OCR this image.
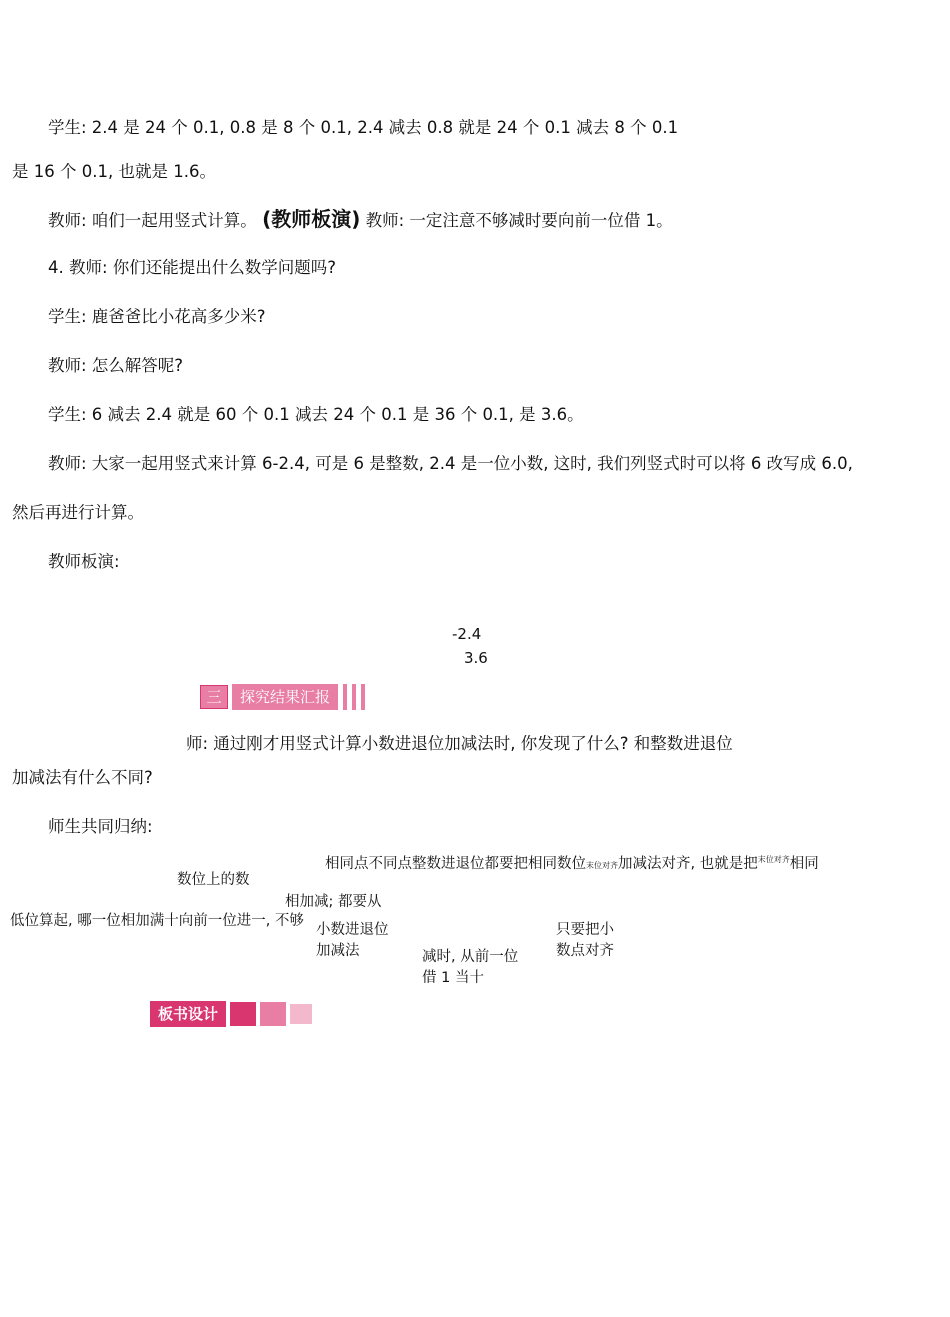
学生: 2.4 是 24 个 0.1, 0.8 是 8 个 0.1, 2.4 减去 0.8 就是 24 个 0.1 减去 8 个 0.1
是 16 个 0.1, 也就是 1.6。
教师: 咱们一起用竖式计算。 (教师板演) 教师: 一定注意不够减时要向前一位借 1。
4. 教师: 你们还能提出什么数学问题吗?
学生: 鹿爸爸比小花高多少米?
教师: 怎么解答呢?
学生: 6 减去 2.4 就是 60 个 0.1 减去 24 个 0.1 是 36 个 0.1, 是 3.6。
教师: 大家一起用竖式来计算 6-2.4, 可是 6 是整数, 2.4 是一位小数, 这时, 我们列竖式时可以将 6 改写成 6.0,
然后再进行计算。
教师板演:
-2.4
3.6
三	探究结果汇报
师: 通过刚才用竖式计算小数进退位加减法时, 你发现了什么? 和整数进退位
加减法有什么不同?
师生共同归纳:
相同点不同点整数进退位都要把相同数位末位对齐加减法对齐, 也就是把$^{末位对齐}$相同
数位上的数
相加减; 都要从
低位算起, 哪一位相加满十向前一位进一, 不够
小数进退位
加减法	减时, 从前一位
借 1 当十
只要把小
数点对齐
板书设计
